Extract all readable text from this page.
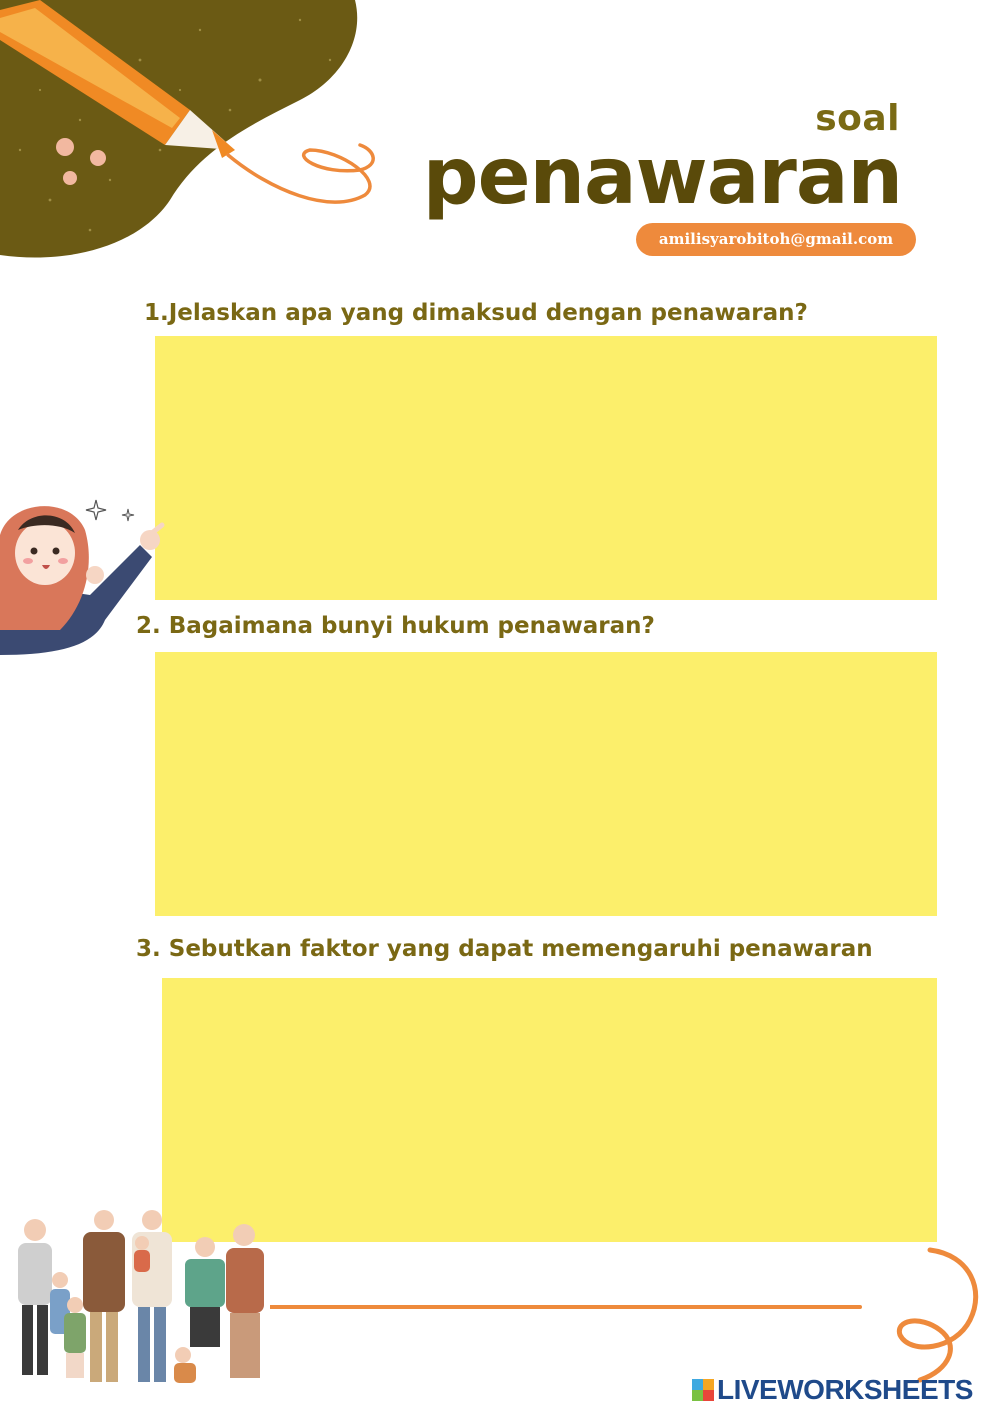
soal
penawaran
amilisyarobitoh@gmail.com
1.Jelaskan apa yang dimaksud dengan penawaran?
2. Bagaimana bunyi hukum penawaran?
3. Sebutkan faktor yang dapat memengaruhi penawaran
LIVEWORKSHEETS
